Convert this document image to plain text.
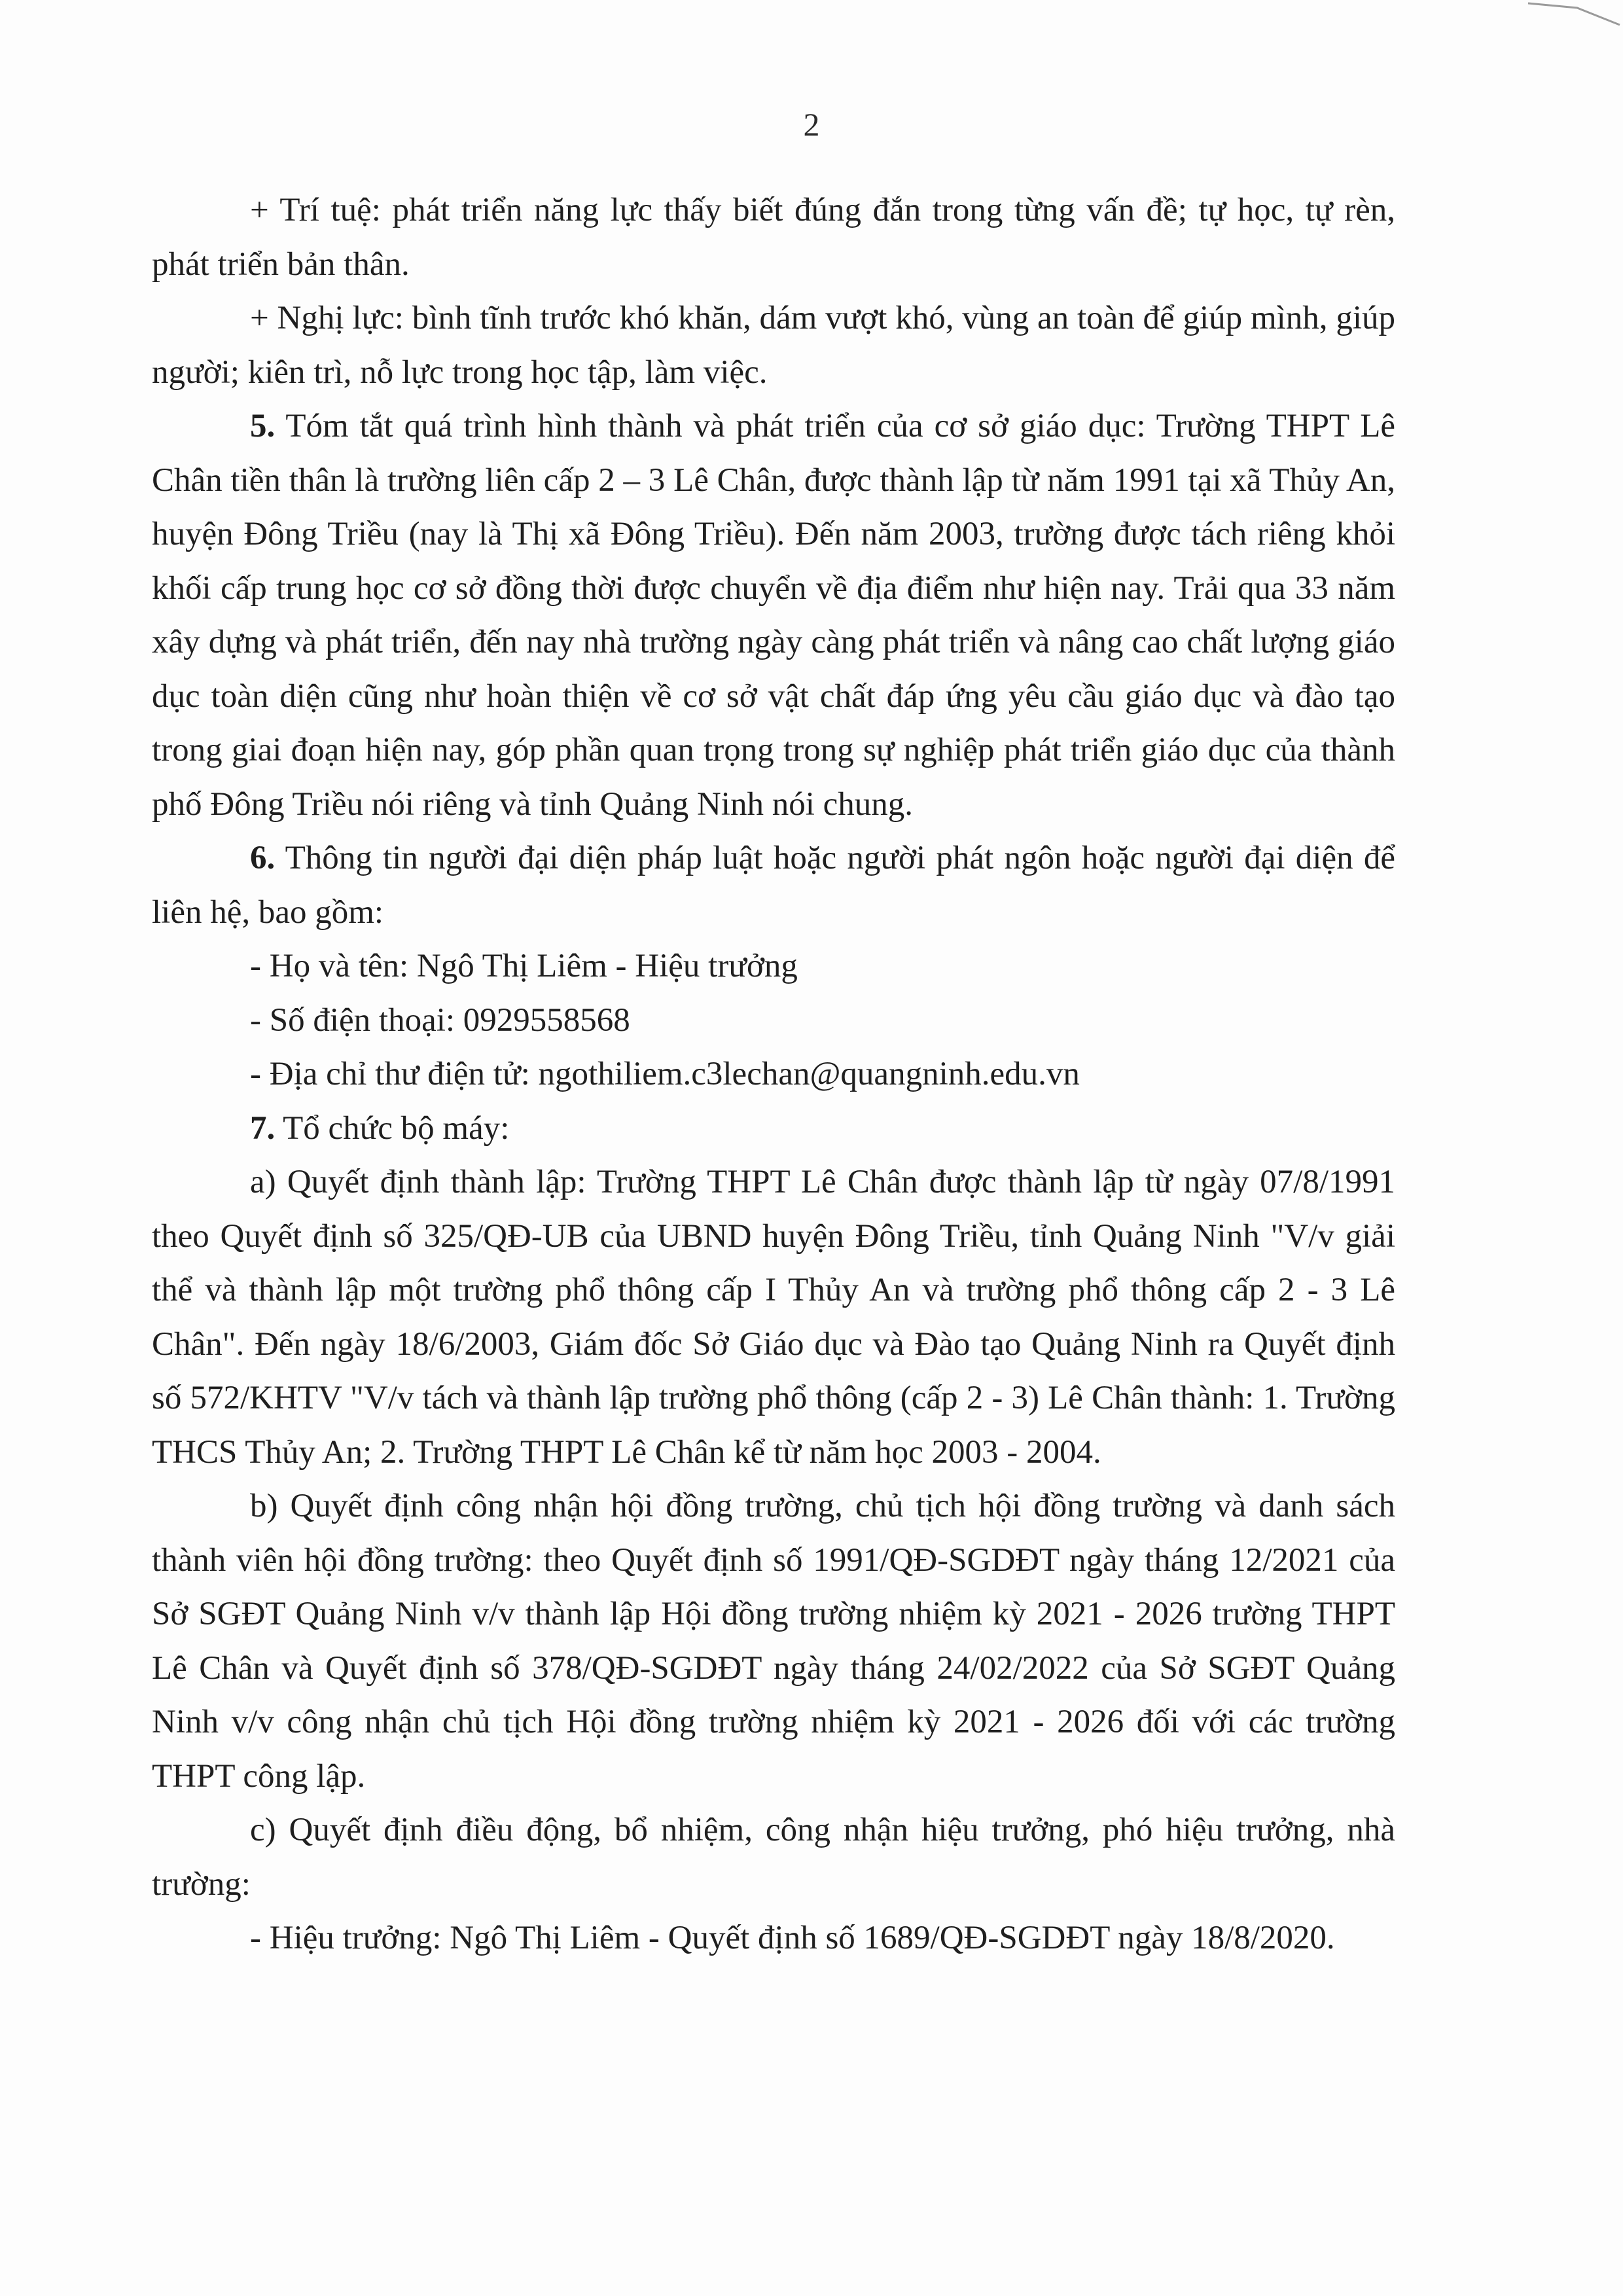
2

+ Trí tuệ: phát triển năng lực thấy biết đúng đắn trong từng vấn đề; tự học, tự rèn, phát triển bản thân.

+ Nghị lực: bình tĩnh trước khó khăn, dám vượt khó, vùng an toàn để giúp mình, giúp người; kiên trì, nỗ lực trong học tập, làm việc.

5. Tóm tắt quá trình hình thành và phát triển của cơ sở giáo dục: Trường THPT Lê Chân tiền thân là trường liên cấp 2 – 3 Lê Chân, được thành lập từ năm 1991 tại xã Thủy An, huyện Đông Triều (nay là Thị xã Đông Triều). Đến năm 2003, trường được tách riêng khỏi khối cấp trung học cơ sở đồng thời được chuyển về địa điểm như hiện nay. Trải qua 33 năm xây dựng và phát triển, đến nay nhà trường ngày càng phát triển và nâng cao chất lượng giáo dục toàn diện cũng như hoàn thiện về cơ sở vật chất đáp ứng yêu cầu giáo dục và đào tạo trong giai đoạn hiện nay, góp phần quan trọng trong sự nghiệp phát triển giáo dục của thành phố Đông Triều nói riêng và tỉnh Quảng Ninh nói chung.

6. Thông tin người đại diện pháp luật hoặc người phát ngôn hoặc người đại diện để liên hệ, bao gồm:

- Họ và tên: Ngô Thị Liêm - Hiệu trưởng

- Số điện thoại: 0929558568

- Địa chỉ thư điện tử: ngothiliem.c3lechan@quangninh.edu.vn

7. Tổ chức bộ máy:

a) Quyết định thành lập: Trường THPT Lê Chân được thành lập từ ngày 07/8/1991 theo Quyết định số 325/QĐ-UB của UBND huyện Đông Triều, tỉnh Quảng Ninh "V/v giải thể và thành lập một trường phổ thông cấp I Thủy An và trường phổ thông cấp 2 - 3 Lê Chân". Đến ngày 18/6/2003, Giám đốc Sở Giáo dục và Đào tạo Quảng Ninh ra Quyết định số 572/KHTV "V/v tách và thành lập trường phổ thông (cấp 2 - 3) Lê Chân thành: 1. Trường THCS Thủy An; 2. Trường THPT Lê Chân kể từ năm học 2003 - 2004.

b) Quyết định công nhận hội đồng trường, chủ tịch hội đồng trường và danh sách thành viên hội đồng trường: theo Quyết định số 1991/QĐ-SGDĐT ngày tháng 12/2021 của Sở SGĐT Quảng Ninh v/v thành lập Hội đồng trường nhiệm kỳ 2021 - 2026 trường THPT Lê Chân và Quyết định số 378/QĐ-SGDĐT ngày tháng 24/02/2022 của Sở SGĐT Quảng Ninh v/v công nhận chủ tịch Hội đồng trường nhiệm kỳ 2021 - 2026 đối với các trường THPT công lập.

c) Quyết định điều động, bổ nhiệm, công nhận hiệu trưởng, phó hiệu trưởng, nhà trường:

- Hiệu trưởng: Ngô Thị Liêm - Quyết định số 1689/QĐ-SGDĐT ngày 18/8/2020.
